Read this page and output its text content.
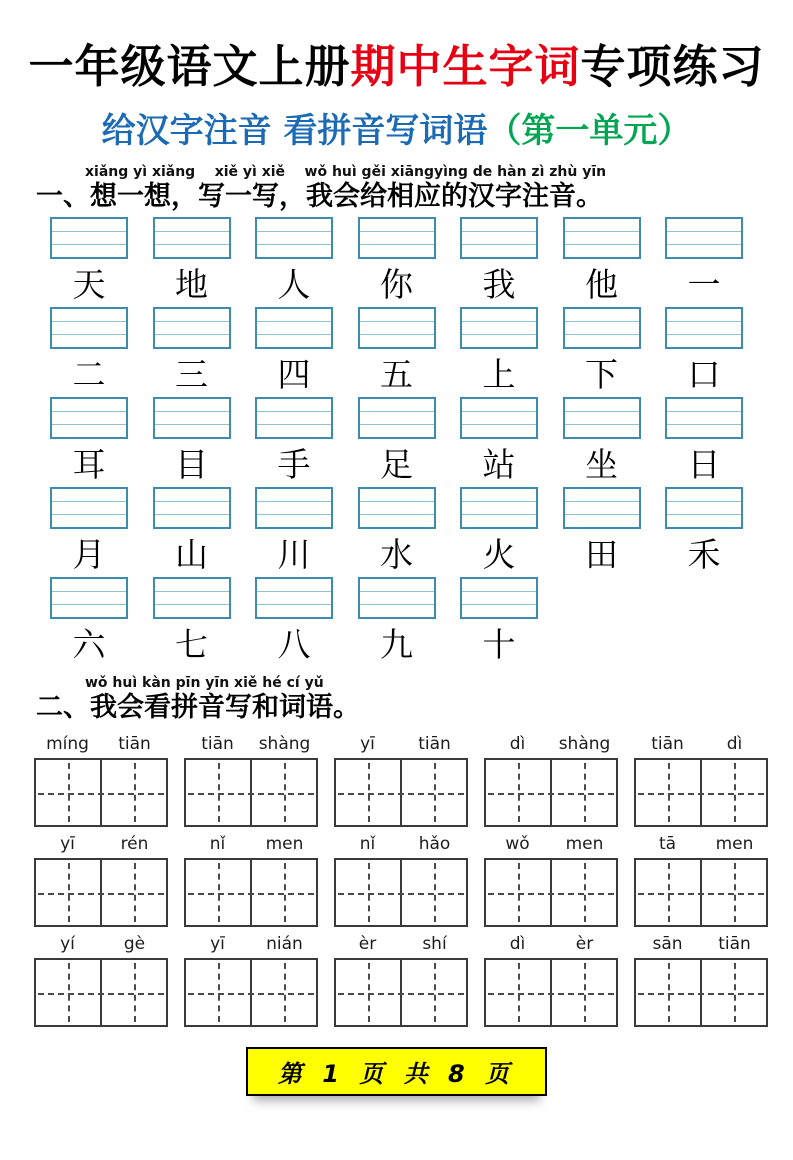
一年级语文上册期中生字词专项练习
给汉字注音 看拼音写词语（第一单元）
xiǎng yì xiǎng    xiě yì xiě    wǒ huì gěi xiāngyìng de hàn zì zhù yīn
一、想一想，写一写，我会给相应的汉字注音。
天	地	人	你	我	他	一
二	三	四	五	上	下	口
耳	目	手	足	站	坐	日
月	山	川	水	火	田	禾
六	七	八	九	十
wǒ huì kàn pīn yīn xiě hé cí yǔ
二、我会看拼音写和词语。
míng	tiān	tiān	shàng	yī	tiān	dì	shàng	tiān	dì
yī	rén	nǐ	men	nǐ	hǎo	wǒ	men	tā	men
yí	gè	yī	nián	èr	shí	dì	èr	sān	tiān
第 1 页 共 8 页
